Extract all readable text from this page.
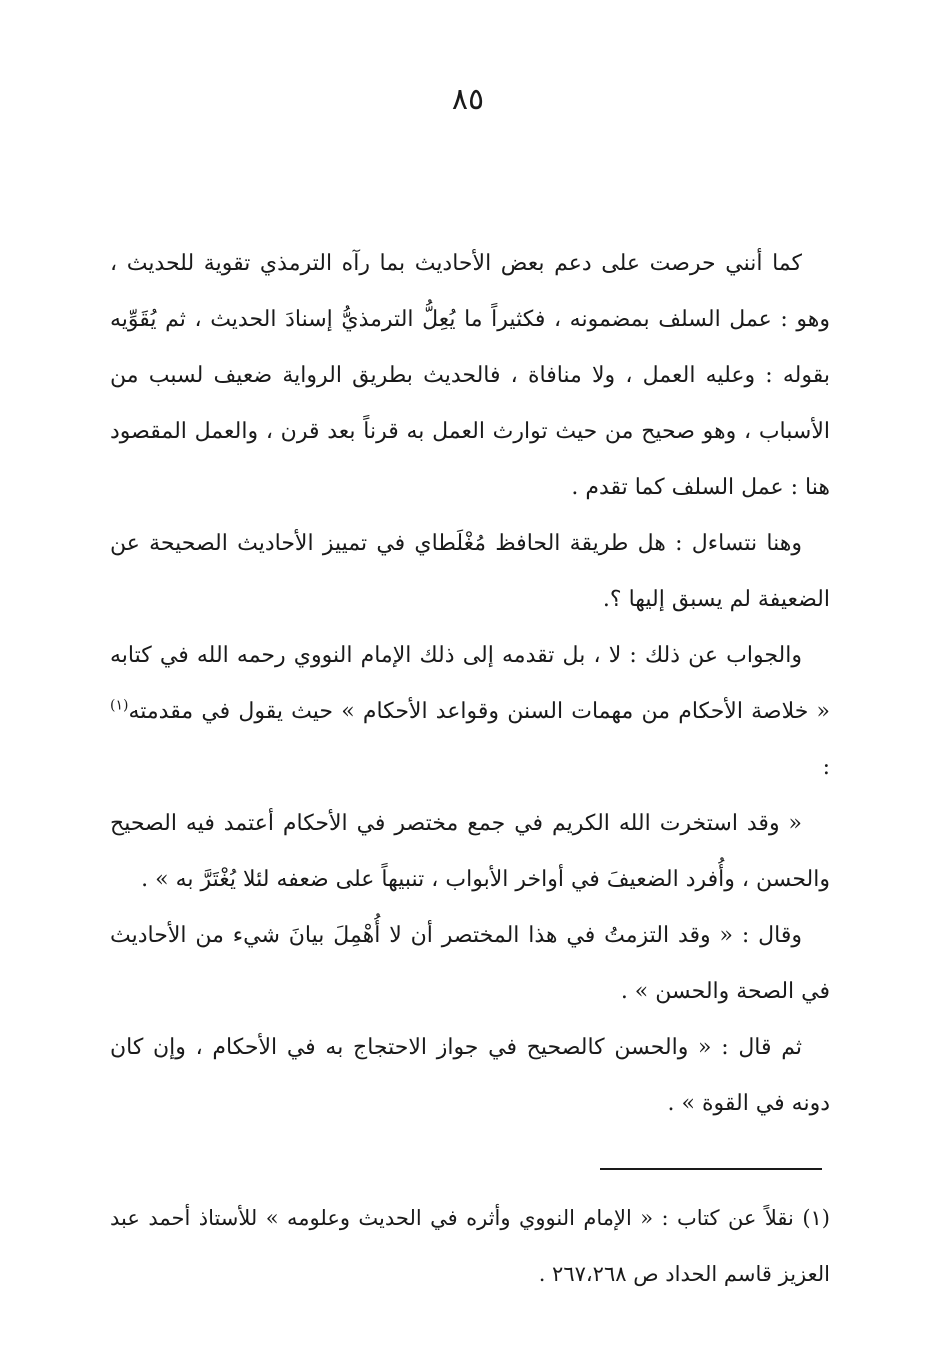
٨٥

كما أنني حرصت على دعم بعض الأحاديث بما رآه الترمذي تقوية للحديث ، وهو : عمل السلف بمضمونه ، فكثيراً ما يُعِلُّ الترمذيُّ إسنادَ الحديث ، ثم يُقَوِّيه بقوله : وعليه العمل ، ولا منافاة ، فالحديث بطريق الرواية ضعيف لسبب من الأسباب ، وهو صحيح من حيث توارث العمل به قرناً بعد قرن ، والعمل المقصود هنا : عمل السلف كما تقدم .

وهنا نتساءل : هل طريقة الحافظ مُغْلَطاي في تمييز الأحاديث الصحيحة عن الضعيفة لم يسبق إليها ؟.

والجواب عن ذلك : لا ، بل تقدمه إلى ذلك الإمام النووي رحمه الله في كتابه « خلاصة الأحكام من مهمات السنن وقواعد الأحكام » حيث يقول في مقدمته$^{(١)}$ :

« وقد استخرت الله الكريم في جمع مختصر في الأحكام أعتمد فيه الصحيح والحسن ، وأُفرد الضعيفَ في أواخر الأبواب ، تنبيهاً على ضعفه لئلا يُغْتَرَّ به » .

وقال : « وقد التزمتُ في هذا المختصر أن لا أُهْمِلَ بيانَ شيء من الأحاديث في الصحة والحسن » .

ثم قال : « والحسن كالصحيح في جواز الاحتجاج به في الأحكام ، وإن كان دونه في القوة » .

(١) نقلاً عن كتاب : « الإمام النووي وأثره في الحديث وعلومه » للأستاذ أحمد عبد العزيز قاسم الحداد ص ٢٦٧،٢٦٨ .
